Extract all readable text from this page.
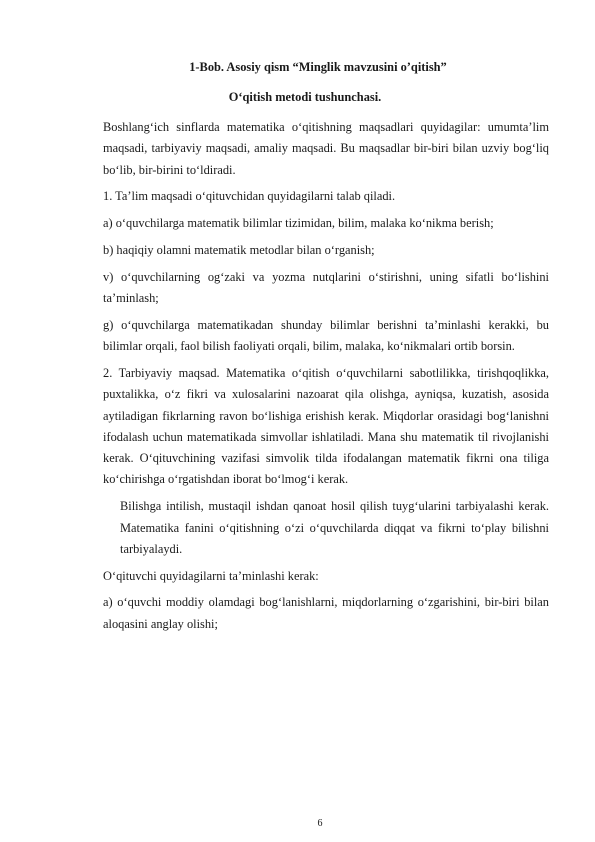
1-Bob. Asosiy qism “Minglik mavzusini o’qitish”
O‘qitish metodi tushunchasi.

Boshlang‘ich sinflarda matematika o‘qitishning maqsadlari quyidagilar: umumta’lim maqsadi, tarbiyaviy maqsadi, amaliy maqsadi. Bu maqsadlar bir-biri bilan uzviy bog‘liq bo‘lib, bir-birini to‘ldiradi.

1. Ta’lim maqsadi o‘qituvchidan quyidagilarni talab qiladi.

a) o‘quvchilarga matematik bilimlar tizimidan, bilim, malaka ko‘nikma berish;

b) haqiqiy olamni matematik metodlar bilan o‘rganish;

v) o‘quvchilarning og‘zaki va yozma nutqlarini o‘stirishni, uning sifatli bo‘lishini ta’minlash;

g) o‘quvchilarga matematikadan shunday bilimlar berishni ta’minlashi kerakki, bu bilimlar orqali, faol bilish faoliyati orqali, bilim, malaka, ko‘nikmalari ortib borsin.

2. Tarbiyaviy maqsad. Matematika o‘qitish o‘quvchilarni sabotlilikka, tirishqoqlikka, puxtalikka, o‘z fikri va xulosalarini nazoarat qila olishga, ayniqsa, kuzatish, asosida aytiladigan fikrlarning ravon bo‘lishiga erishish kerak. Miqdorlar orasidagi bog‘lanishni ifodalash uchun matematikada simvollar ishlatiladi. Mana shu matematik til rivojlanishi kerak. O‘qituvchining vazifasi simvolik tilda ifodalangan matematik fikrni ona tiliga ko‘chirishga o‘rgatishdan iborat bo‘lmog‘i kerak.

Bilishga intilish, mustaqil ishdan qanoat hosil qilish tuyg‘ularini tarbiyalashi kerak. Matematika fanini o‘qitishning o‘zi o‘quvchilarda diqqat va fikrni to‘play bilishni tarbiyalaydi.

O‘qituvchi quyidagilarni ta’minlashi kerak:

a) o‘quvchi moddiy olamdagi bog‘lanishlarni, miqdorlarning o‘zgarishini, bir-biri bilan aloqasini anglay olishi;

6
